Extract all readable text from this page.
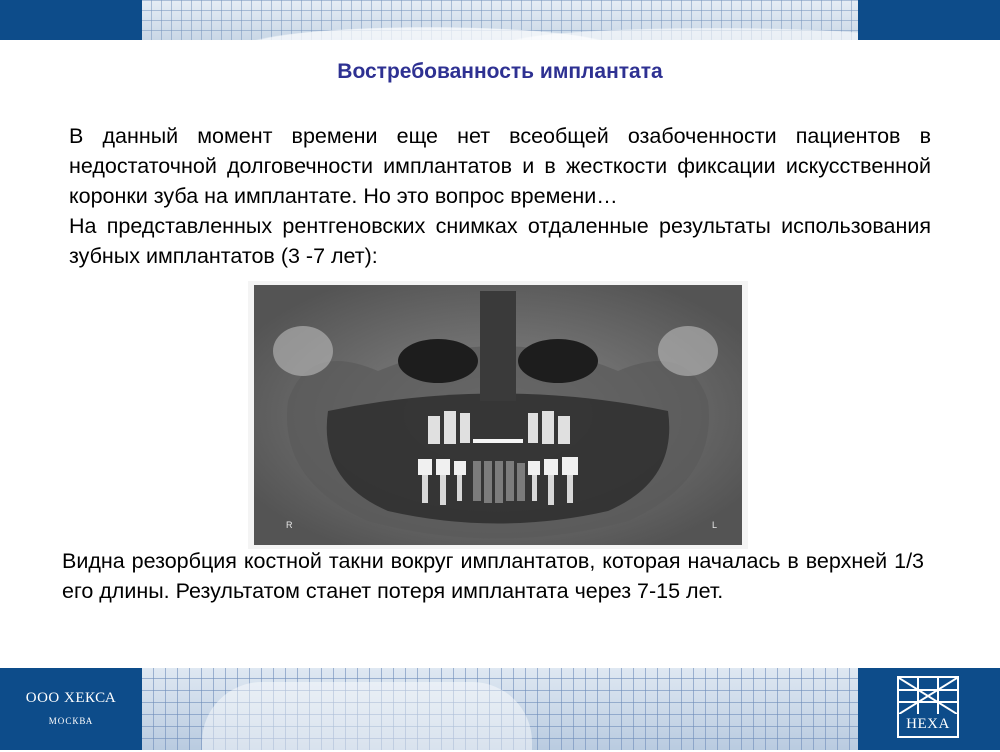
Востребованность имплантата
В данный момент времени еще нет всеобщей озабоченности пациентов в недостаточной долговечности имплантатов и в жесткости фиксации искусственной коронки зуба на имплантате. Но это вопрос времени…
На представленных рентгеновских снимках отдаленные результаты использования зубных имплантатов (3 -7 лет):
R	L
Видна резорбция костной такни вокруг имплантатов, которая началась в верхней 1/3 его длины. Результатом станет потеря имплантата через 7-15 лет.
ООО ХЕКСА
МОСКВА	HEXA
